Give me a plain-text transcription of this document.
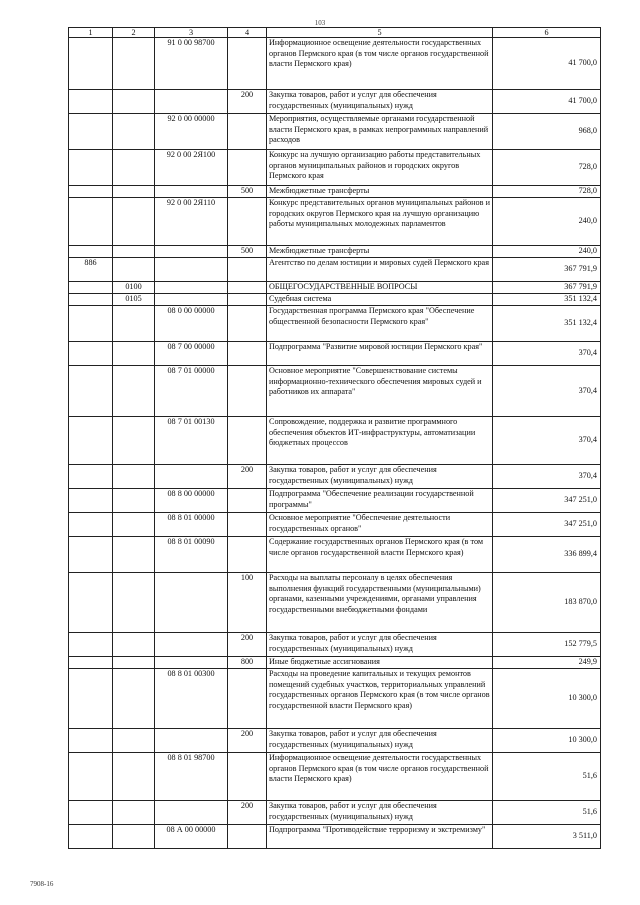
103
1	2	3	4	5	6
		91 0 00 98700		Информационное освещение деятельности государственных органов Пермского края (в том числе органов государственной власти Пермского края)	41 700,0
			200	Закупка товаров, работ и услуг для обеспечения государственных (муниципальных) нужд	41 700,0
		92 0 00 00000		Мероприятия, осуществляемые органами государственной власти Пермского края, в рамках непрограммных направлений расходов	968,0
		92 0 00 2Я100		Конкурс на лучшую организацию работы представительных органов муниципальных районов и городских округов Пермского края	728,0
			500	Межбюджетные трансферты	728,0
		92 0 00 2Я110		Конкурс представительных органов муниципальных районов и городских округов Пермского края на лучшую организацию работы муниципальных молодежных парламентов	240,0
			500	Межбюджетные трансферты	240,0
886				Агентство по делам юстиции и мировых судей Пермского края	367 791,9
	0100			ОБЩЕГОСУДАРСТВЕННЫЕ ВОПРОСЫ	367 791,9
	0105			Судебная система	351 132,4
		08 0 00 00000		Государственная программа Пермского края "Обеспечение общественной безопасности Пермского края"	351 132,4
		08 7 00 00000		Подпрограмма "Развитие мировой юстиции Пермского края"	370,4
		08 7 01 00000		Основное мероприятие "Совершенствование системы информационно-технического обеспечения мировых судей и работников их аппарата"	370,4
		08 7 01 00130		Сопровождение, поддержка и развитие программного обеспечения объектов ИТ-инфраструктуры, автоматизации бюджетных процессов	370,4
			200	Закупка товаров, работ и услуг для обеспечения государственных (муниципальных) нужд	370,4
		08 8 00 00000		Подпрограмма "Обеспечение реализации государственной программы"	347 251,0
		08 8 01 00000		Основное мероприятие "Обеспечение деятельности государственных органов"	347 251,0
		08 8 01 00090		Содержание государственных органов Пермского края (в том числе органов государственной власти Пермского края)	336 899,4
			100	Расходы на выплаты персоналу в целях обеспечения выполнения функций государственными (муниципальными) органами, казенными учреждениями, органами управления государственными внебюджетными фондами	183 870,0
			200	Закупка товаров, работ и услуг для обеспечения государственных (муниципальных) нужд	152 779,5
			800	Иные бюджетные ассигнования	249,9
		08 8 01 00300		Расходы на проведение капитальных и текущих ремонтов помещений судебных участков, территориальных управлений государственных органов Пермского края (в том числе органов государственной власти Пермского края)	10 300,0
			200	Закупка товаров, работ и услуг для обеспечения государственных (муниципальных) нужд	10 300,0
		08 8 01 98700		Информационное освещение деятельности государственных органов Пермского края (в том числе органов государственной власти Пермского края)	51,6
			200	Закупка товаров, работ и услуг для обеспечения государственных (муниципальных) нужд	51,6
		08 А 00 00000		Подпрограмма "Противодействие терроризму и экстремизму"	3 511,0
7908-16
